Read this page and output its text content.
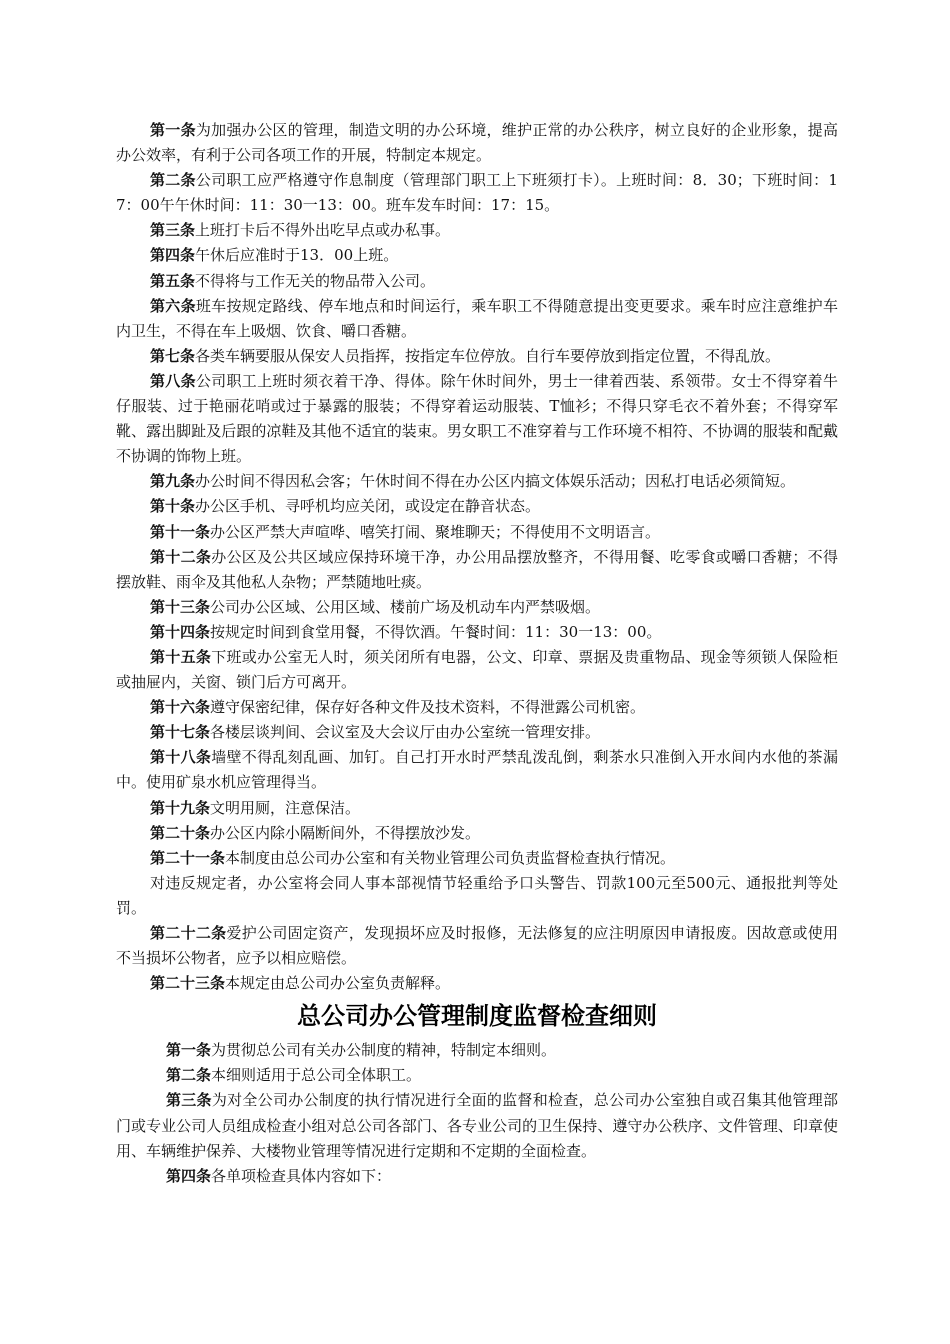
第一条为加强办公区的管理，制造文明的办公环境，维护正常的办公秩序，树立良好的企业形象，提高办公效率，有利于公司各项工作的开展，特制定本规定。

第二条公司职工应严格遵守作息制度（管理部门职工上下班须打卡）。上班时间：8．30；下班时间：17：00午午休时间：11：30一13：00。班车发车时间：17：15。

第三条上班打卡后不得外出吃早点或办私事。

第四条午休后应准时于13．00上班。

第五条不得将与工作无关的物品带入公司。

第六条班车按规定路线、停车地点和时间运行，乘车职工不得随意提出变更要求。乘车时应注意维护车内卫生，不得在车上吸烟、饮食、嚼口香糖。

第七条各类车辆要服从保安人员指挥，按指定车位停放。自行车要停放到指定位置，不得乱放。

第八条公司职工上班时须衣着干净、得体。除午休时间外，男士一律着西装、系领带。女士不得穿着牛仔服装、过于艳丽花哨或过于暴露的服装；不得穿着运动服装、T恤衫；不得只穿毛衣不着外套；不得穿军靴、露出脚趾及后跟的凉鞋及其他不适宜的装束。男女职工不准穿着与工作环境不相符、不协调的服装和配戴不协调的饰物上班。

第九条办公时间不得因私会客；午休时间不得在办公区内搞文体娱乐活动；因私打电话必须简短。

第十条办公区手机、寻呼机均应关闭，或设定在静音状态。

第十一条办公区严禁大声喧哗、嘻笑打闹、聚堆聊天；不得使用不文明语言。

第十二条办公区及公共区域应保持环境干净，办公用品摆放整齐，不得用餐、吃零食或嚼口香糖；不得摆放鞋、雨伞及其他私人杂物；严禁随地吐痰。

第十三条公司办公区域、公用区域、楼前广场及机动车内严禁吸烟。

第十四条按规定时间到食堂用餐，不得饮酒。午餐时间：11：30一13：00。

第十五条下班或办公室无人时，须关闭所有电器，公文、印章、票据及贵重物品、现金等须锁人保险柜或抽屉内，关窗、锁门后方可离开。

第十六条遵守保密纪律，保存好各种文件及技术资料，不得泄露公司机密。

第十七条各楼层谈判间、会议室及大会议厅由办公室统一管理安排。

第十八条墙壁不得乱刻乱画、加钉。自己打开水时严禁乱泼乱倒，剩茶水只准倒入开水间内水他的茶漏中。使用矿泉水机应管理得当。

第十九条文明用厕，注意保洁。

第二十条办公区内除小隔断间外，不得摆放沙发。

第二十一条本制度由总公司办公室和有关物业管理公司负责监督检查执行情况。

对违反规定者，办公室将会同人事本部视情节轻重给予口头警告、罚款100元至500元、通报批判等处罚。

第二十二条爱护公司固定资产，发现损坏应及时报修，无法修复的应注明原因申请报废。因故意或使用不当损坏公物者，应予以相应赔偿。

第二十三条本规定由总公司办公室负责解释。

总公司办公管理制度监督检查细则

第一条为贯彻总公司有关办公制度的精神，特制定本细则。

第二条本细则适用于总公司全体职工。

第三条为对全公司办公制度的执行情况进行全面的监督和检查，总公司办公室独自或召集其他管理部门或专业公司人员组成检查小组对总公司各部门、各专业公司的卫生保持、遵守办公秩序、文件管理、印章使用、车辆维护保养、大楼物业管理等情况进行定期和不定期的全面检查。

第四条各单项检查具体内容如下：
